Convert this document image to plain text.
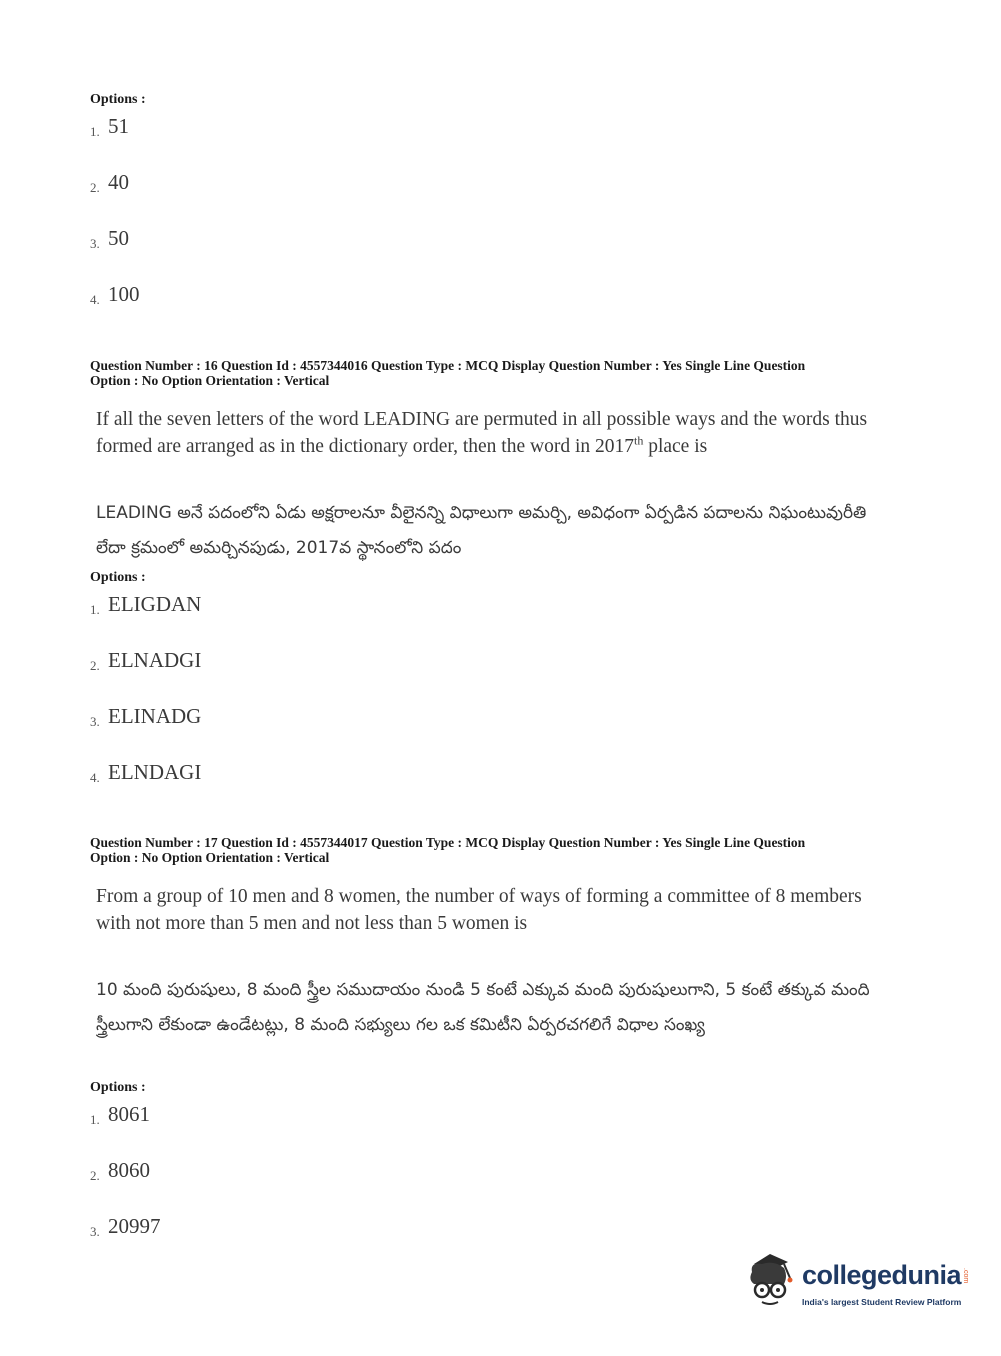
Options :

1. 51
2. 40
3. 50
4. 100

Question Number : 16 Question Id : 4557344016 Question Type : MCQ Display Question Number : Yes Single Line Question

Option : No Option Orientation : Vertical

If all the seven letters of the word LEADING are permuted in all possible ways and the words thus formed are arranged as in the dictionary order, then the word in 2017th place is

LEADING అనే పదంలోని ఏడు అక్షరాలనూ వీలైనన్ని విధాలుగా అమర్చి, అవిధంగా ఏర్పడిన పదాలను నిఘంటువురీతి లేదా క్రమంలో అమర్చినపుడు, 2017వ స్థానంలోని పదం

Options :

1. ELIGDAN
2. ELNADGI
3. ELINADG
4. ELNDAGI

Question Number : 17 Question Id : 4557344017 Question Type : MCQ Display Question Number : Yes Single Line Question

Option : No Option Orientation : Vertical

From a group of 10 men and 8 women, the number of ways of forming a committee of 8 members with not more than 5 men and not less than 5 women is

10 మంది పురుషులు, 8 మంది స్త్రీల సముదాయం నుండి 5 కంటే ఎక్కువ మంది పురుషులుగాని, 5 కంటే తక్కువ మంది స్త్రీలుగాని లేకుండా ఉండేటట్లు, 8 మంది సభ్యులు గల ఒక కమిటీని ఏర్పరచగలిగే విధాల సంఖ్య

Options :

1. 8061
2. 8060
3. 20997
collegedunia .com
India's largest Student Review Platform
